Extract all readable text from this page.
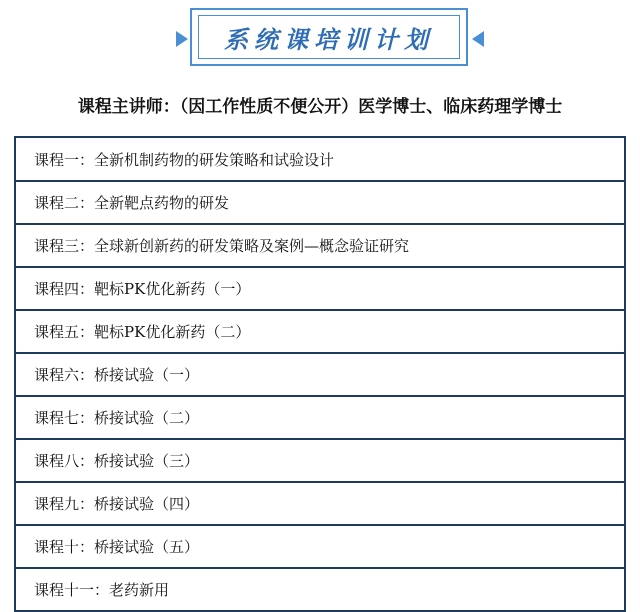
系统课培训计划
课程主讲师：（因工作性质不便公开）医学博士、临床药理学博士
课程一： 全新机制药物的研发策略和试验设计
课程二： 全新靶点药物的研发
课程三： 全球新创新药的研发策略及案例—概念验证研究
课程四： 靶标PK优化新药（一）
课程五： 靶标PK优化新药（二）
课程六： 桥接试验（一）
课程七： 桥接试验（二）
课程八： 桥接试验（三）
课程九： 桥接试验（四）
课程十： 桥接试验（五）
课程十一： 老药新用
